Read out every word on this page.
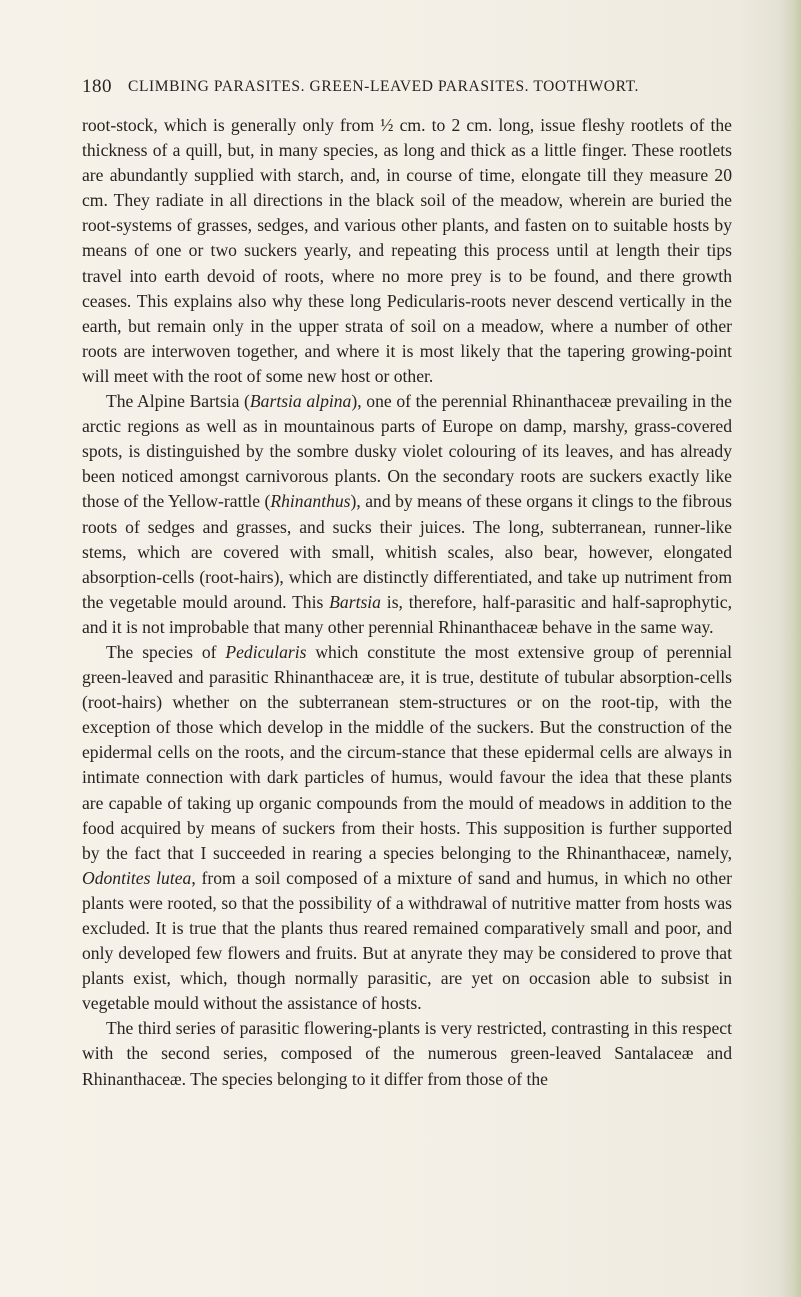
180 CLIMBING PARASITES. GREEN-LEAVED PARASITES. TOOTHWORT.

root-stock, which is generally only from ½ cm. to 2 cm. long, issue fleshy rootlets of the thickness of a quill, but, in many species, as long and thick as a little finger. These rootlets are abundantly supplied with starch, and, in course of time, elongate till they measure 20 cm. They radiate in all directions in the black soil of the meadow, wherein are buried the root-systems of grasses, sedges, and various other plants, and fasten on to suitable hosts by means of one or two suckers yearly, and repeating this process until at length their tips travel into earth devoid of roots, where no more prey is to be found, and there growth ceases. This explains also why these long Pedicularis-roots never descend vertically in the earth, but remain only in the upper strata of soil on a meadow, where a number of other roots are interwoven together, and where it is most likely that the tapering growing-point will meet with the root of some new host or other.

The Alpine Bartsia (Bartsia alpina), one of the perennial Rhinanthaceæ prevailing in the arctic regions as well as in mountainous parts of Europe on damp, marshy, grass-covered spots, is distinguished by the sombre dusky violet colouring of its leaves, and has already been noticed amongst carnivorous plants. On the secondary roots are suckers exactly like those of the Yellow-rattle (Rhinanthus), and by means of these organs it clings to the fibrous roots of sedges and grasses, and sucks their juices. The long, subterranean, runner-like stems, which are covered with small, whitish scales, also bear, however, elongated absorption-cells (root-hairs), which are distinctly differentiated, and take up nutriment from the vegetable mould around. This Bartsia is, therefore, half-parasitic and half-saprophytic, and it is not improbable that many other perennial Rhinanthaceæ behave in the same way.

The species of Pedicularis which constitute the most extensive group of perennial green-leaved and parasitic Rhinanthaceæ are, it is true, destitute of tubular absorption-cells (root-hairs) whether on the subterranean stem-structures or on the root-tip, with the exception of those which develop in the middle of the suckers. But the construction of the epidermal cells on the roots, and the circum-stance that these epidermal cells are always in intimate connection with dark particles of humus, would favour the idea that these plants are capable of taking up organic compounds from the mould of meadows in addition to the food acquired by means of suckers from their hosts. This supposition is further supported by the fact that I succeeded in rearing a species belonging to the Rhinanthaceæ, namely, Odontites lutea, from a soil composed of a mixture of sand and humus, in which no other plants were rooted, so that the possibility of a withdrawal of nutritive matter from hosts was excluded. It is true that the plants thus reared remained comparatively small and poor, and only developed few flowers and fruits. But at anyrate they may be considered to prove that plants exist, which, though normally parasitic, are yet on occasion able to subsist in vegetable mould without the assistance of hosts.

The third series of parasitic flowering-plants is very restricted, contrasting in this respect with the second series, composed of the numerous green-leaved Santalaceæ and Rhinanthaceæ. The species belonging to it differ from those of the
